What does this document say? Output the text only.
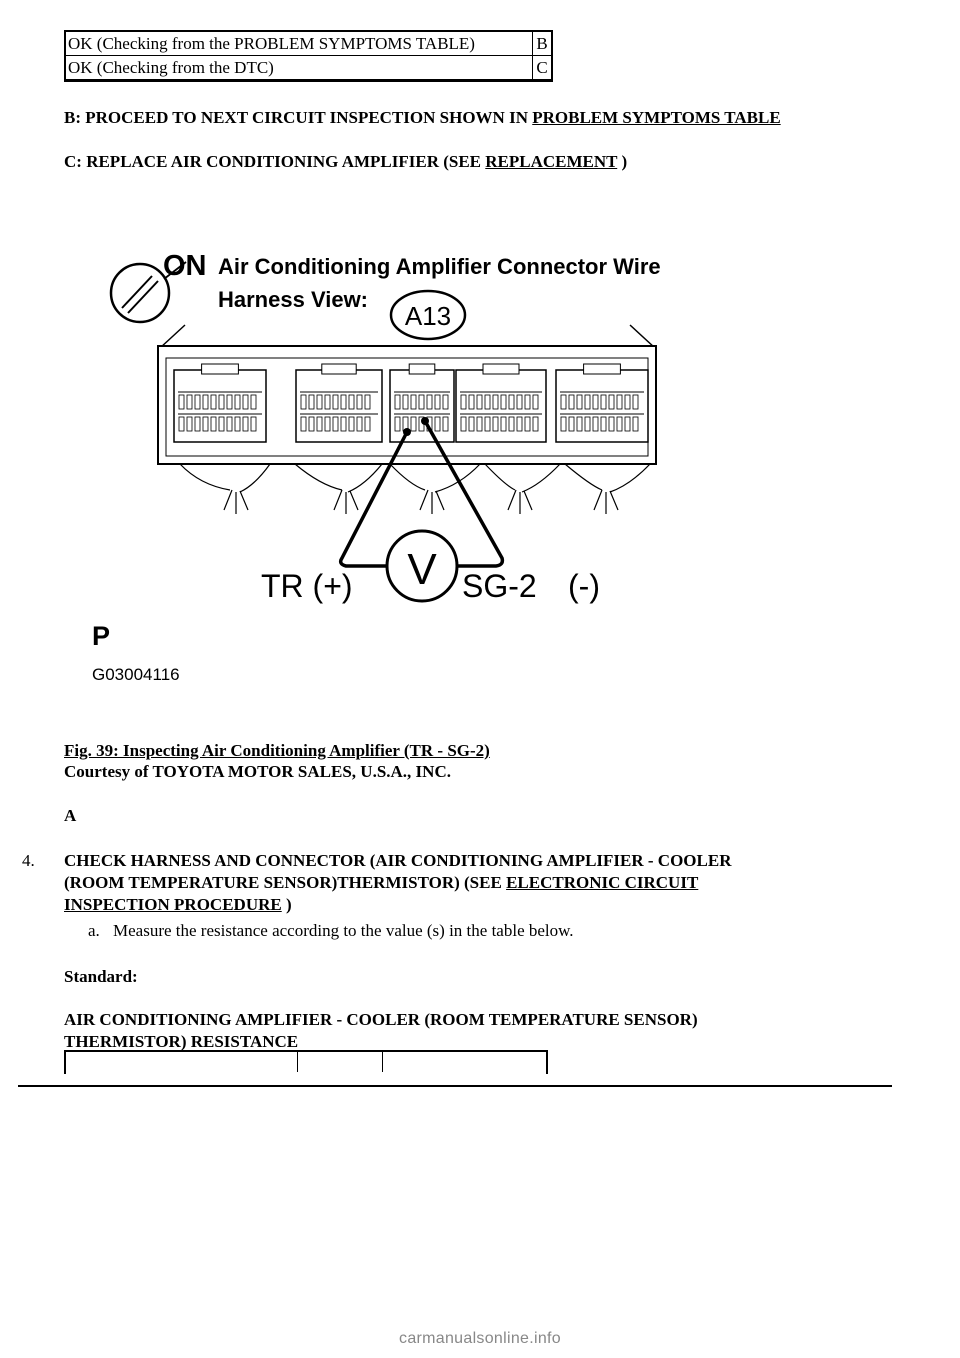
OK (Checking from the PROBLEM SYMPTOMS TABLE)	B
OK (Checking from the DTC)	C
B: PROCEED TO NEXT CIRCUIT INSPECTION SHOWN IN PROBLEM SYMPTOMS TABLE
C: REPLACE AIR CONDITIONING AMPLIFIER (SEE REPLACEMENT )
ON Air Conditioning Amplifier Connector Wire
Harness View:
A13
V
TR (+)	SG-2 (-)
P
G03004116
Fig. 39: Inspecting Air Conditioning Amplifier (TR - SG-2)
Courtesy of TOYOTA MOTOR SALES, U.S.A., INC.
A
4. CHECK HARNESS AND CONNECTOR (AIR CONDITIONING AMPLIFIER - COOLER
(ROOM TEMPERATURE SENSOR)THERMISTOR) (SEE ELECTRONIC CIRCUIT
INSPECTION PROCEDURE )
a. Measure the resistance according to the value (s) in the table below.
Standard:
AIR CONDITIONING AMPLIFIER - COOLER (ROOM TEMPERATURE SENSOR)
THERMISTOR) RESISTANCE
carmanualsonline.info
